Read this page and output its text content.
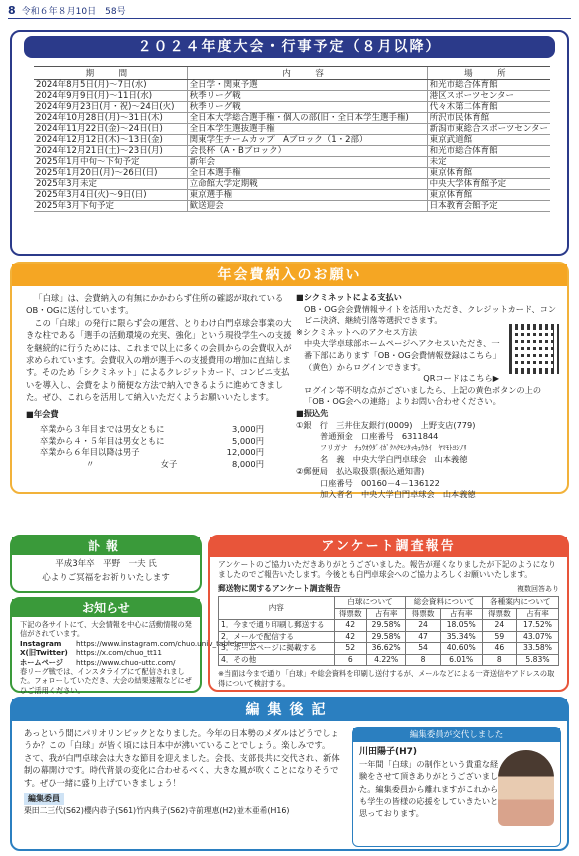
8 令和６年８月10日　 58号
２０２４年度大会・行事予定（８月以降）
期　間	内　容	場　所
2024年8月5日(月)～7日(水)	全日学・関東予選	和光市総合体育館
2024年9月9日(月)～11日(水)	秋季リーグ戦	港区スポーツセンター
2024年9月23日(月・祝)～24日(火)	秋季リーグ戦	代々木第二体育館
2024年10月28日(月)～31日(木)	全日本大学総合選手権・個人の部(旧・全日本学生選手権)	所沢市民体育館
2024年11月22日(金)～24日(日)	全日本学生選抜選手権	新潟市東総合スポーツセンター
2024年12月12日(木)～13日(金)	関東学生チームカップ　Aブロック（1・2部）	東京武道館
2024年12月21日(土)～23日(月)	会長杯（A・Bブロック）	和光市総合体育館
2025年1月中旬～下旬予定	新年会	未定
2025年1月20日(月)～26日(日)	全日本選手権	東京体育館
2025年3月未定	立命館大学定期戦	中央大学体育館予定
2025年3月4日(火)～9日(日)	東京選手権	東京体育館
2025年3月下旬予定	歓送迎会	日本教育会館予定
年会費納入のお願い

「白球」は、会費納入の有無にかかわらず住所の確認が取れているOB・OGに送付しています。

この「白球」の発行に限らず会の運営、とりわけ白門卓球会事業の大きな柱である「選手の活動環境の充実、強化」という現役学生への支援を継続的に行うためには、これまで以上に多くの会員からの会費収入が求められています。会費収入の増が選手への支援費用の増加に直結します。そのため「シクミネット」によるクレジットカード、コンビニ支払いを導入し、会費をより簡便な方法で納入できるように進めてきました。ぜひ、これらを活用して納入いただくようお願いいたします。

■年会費
卒業から３年目までは男女ともに	3,000円
卒業から４・５年目は男女ともに	5,000円
卒業から６年目以降は男子	12,000円
〃　　　　　　　　女子	8,000円
■シクミネットによる支払い
OB・OG会会費情報サイトを活用いただき、クレジットカード、コンビニ決済、継続引落等選択できます。
※シクミネットへのアクセス方法
中央大学卓球部ホームページへアクセスいただき、一番下部にあります「OB・OG会費情報登録はこちら」（黄色）からログインできます。
QRコードはこちら▶
ログイン等不明な点がございましたら、上記の黄色ボタンの上の「OB・OG会への連絡」よりお問い合わせください。
■振込先
①銀　行　三井住友銀行(0009)　上野支店(779)
普通預金　口座番号　6311844
フリガナ　ﾁｭｳｵｳﾀﾞｲｶﾞｸﾊｸﾓﾝﾀｯｷｭｳｶｲ　ﾔﾏﾓﾄﾖｼﾉﾘ
名　義　中央大学白門卓球会　山本義徳
②郵便局　払込取扱票(振込通知書)
口座番号　00160－4－136122
加入者名　中央大学白門卓球会　山本義徳
訃報
平成3年卒　平野　一夫 氏
心よりご冥福をお祈りいたします
お知らせ
下記の各サイトにて、大会情報を中心に活動情報の発信がされています。
Instagram	https://www.instagram.com/chuo.univ_tabletennis
X(旧Twitter)	https://x.com/chuo_tt11
ホームページ	https://www.chuo-uttc.com/
春リーグ戦では、インスタライブにて配信されました。フォローしていただき、大会の結果速報などにぜひご活用ください。
アンケート調査報告
アンケートのご協力いただきありがとうございました。報告が遅くなりましたが下記のようになりましたのでご報告いたします。今後とも白門卓球会へのご協力よろしくお願いいたします。
郵送物に関するアンケート調査報告	複数回答あり
内容	白球について		総会資料について		各種案内について	
	得票数	占有率	得票数	占有率	得票数	占有率
1．今まで通り印刷し郵送する	42	29.58%	24	18.05%	24	17.52%
2．メールで配信する	42	29.58%	47	35.34%	59	43.07%
3．ホームページに掲載する	52	36.62%	54	40.60%	46	33.58%
4．その他	6	4.22%	8	6.01%	8	5.83%
※当面は今まで通り「白球」や総会資料を印刷し送付するが、メールなどによる一斉送信やアドレスの取得について検討する。
編集後記
あっという間にパリオリンピックとなりました。今年の日本勢のメダルはどうでしょうか？この「白球」が皆く頃には日本中が沸いていることでしょう。楽しみです。　さて、我が白門卓球会は大きな節目を迎えました。会長、支部長共に交代され、新体制の幕開けです。時代背景の変化に合わせるべく、大きな風が吹くことになりそうです。ぜひ一緒に盛り上げていきましょう！
編集委員
栗田二三代(S62)櫻内恭子(S61)竹内典子(S62)寺前理恵(H2)並木亜希(H16)
編集委員が交代しました
川田陽子(H7)
一年間「白球」の制作という貴重な経験をさせて頂きありがとうございました。編集委員から離れますがこれからも学生の皆様の応援をしていきたいと思っております。
